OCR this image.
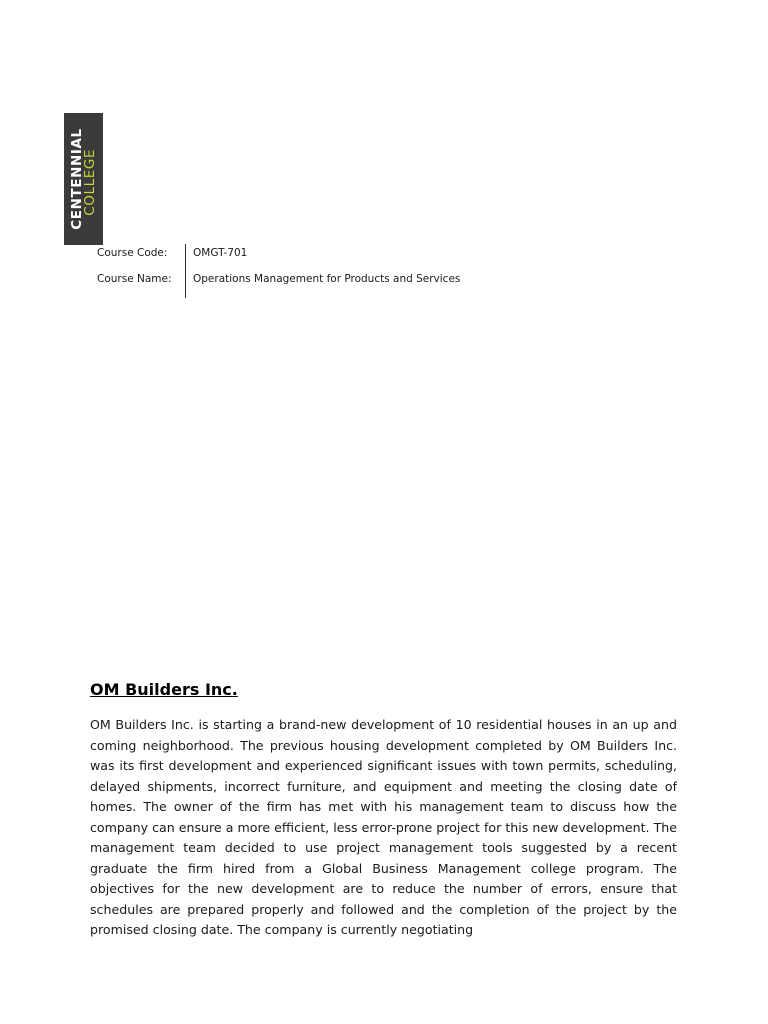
CENTENNIAL
COLLEGE
Course Code: OMGT-701
Course Name: Operations Management for Products and Services
OM Builders Inc.

OM Builders Inc. is starting a brand-new development of 10 residential houses in an up and coming neighborhood. The previous housing development completed by OM Builders Inc. was its first development and experienced significant issues with town permits, scheduling, delayed shipments, incorrect furniture, and equipment and meeting the closing date of homes. The owner of the firm has met with his management team to discuss how the company can ensure a more efficient, less error-prone project for this new development. The management team decided to use project management tools suggested by a recent graduate the firm hired from a Global Business Management college program. The objectives for the new development are to reduce the number of errors, ensure that schedules are prepared properly and followed and the completion of the project by the promised closing date. The company is currently negotiating
